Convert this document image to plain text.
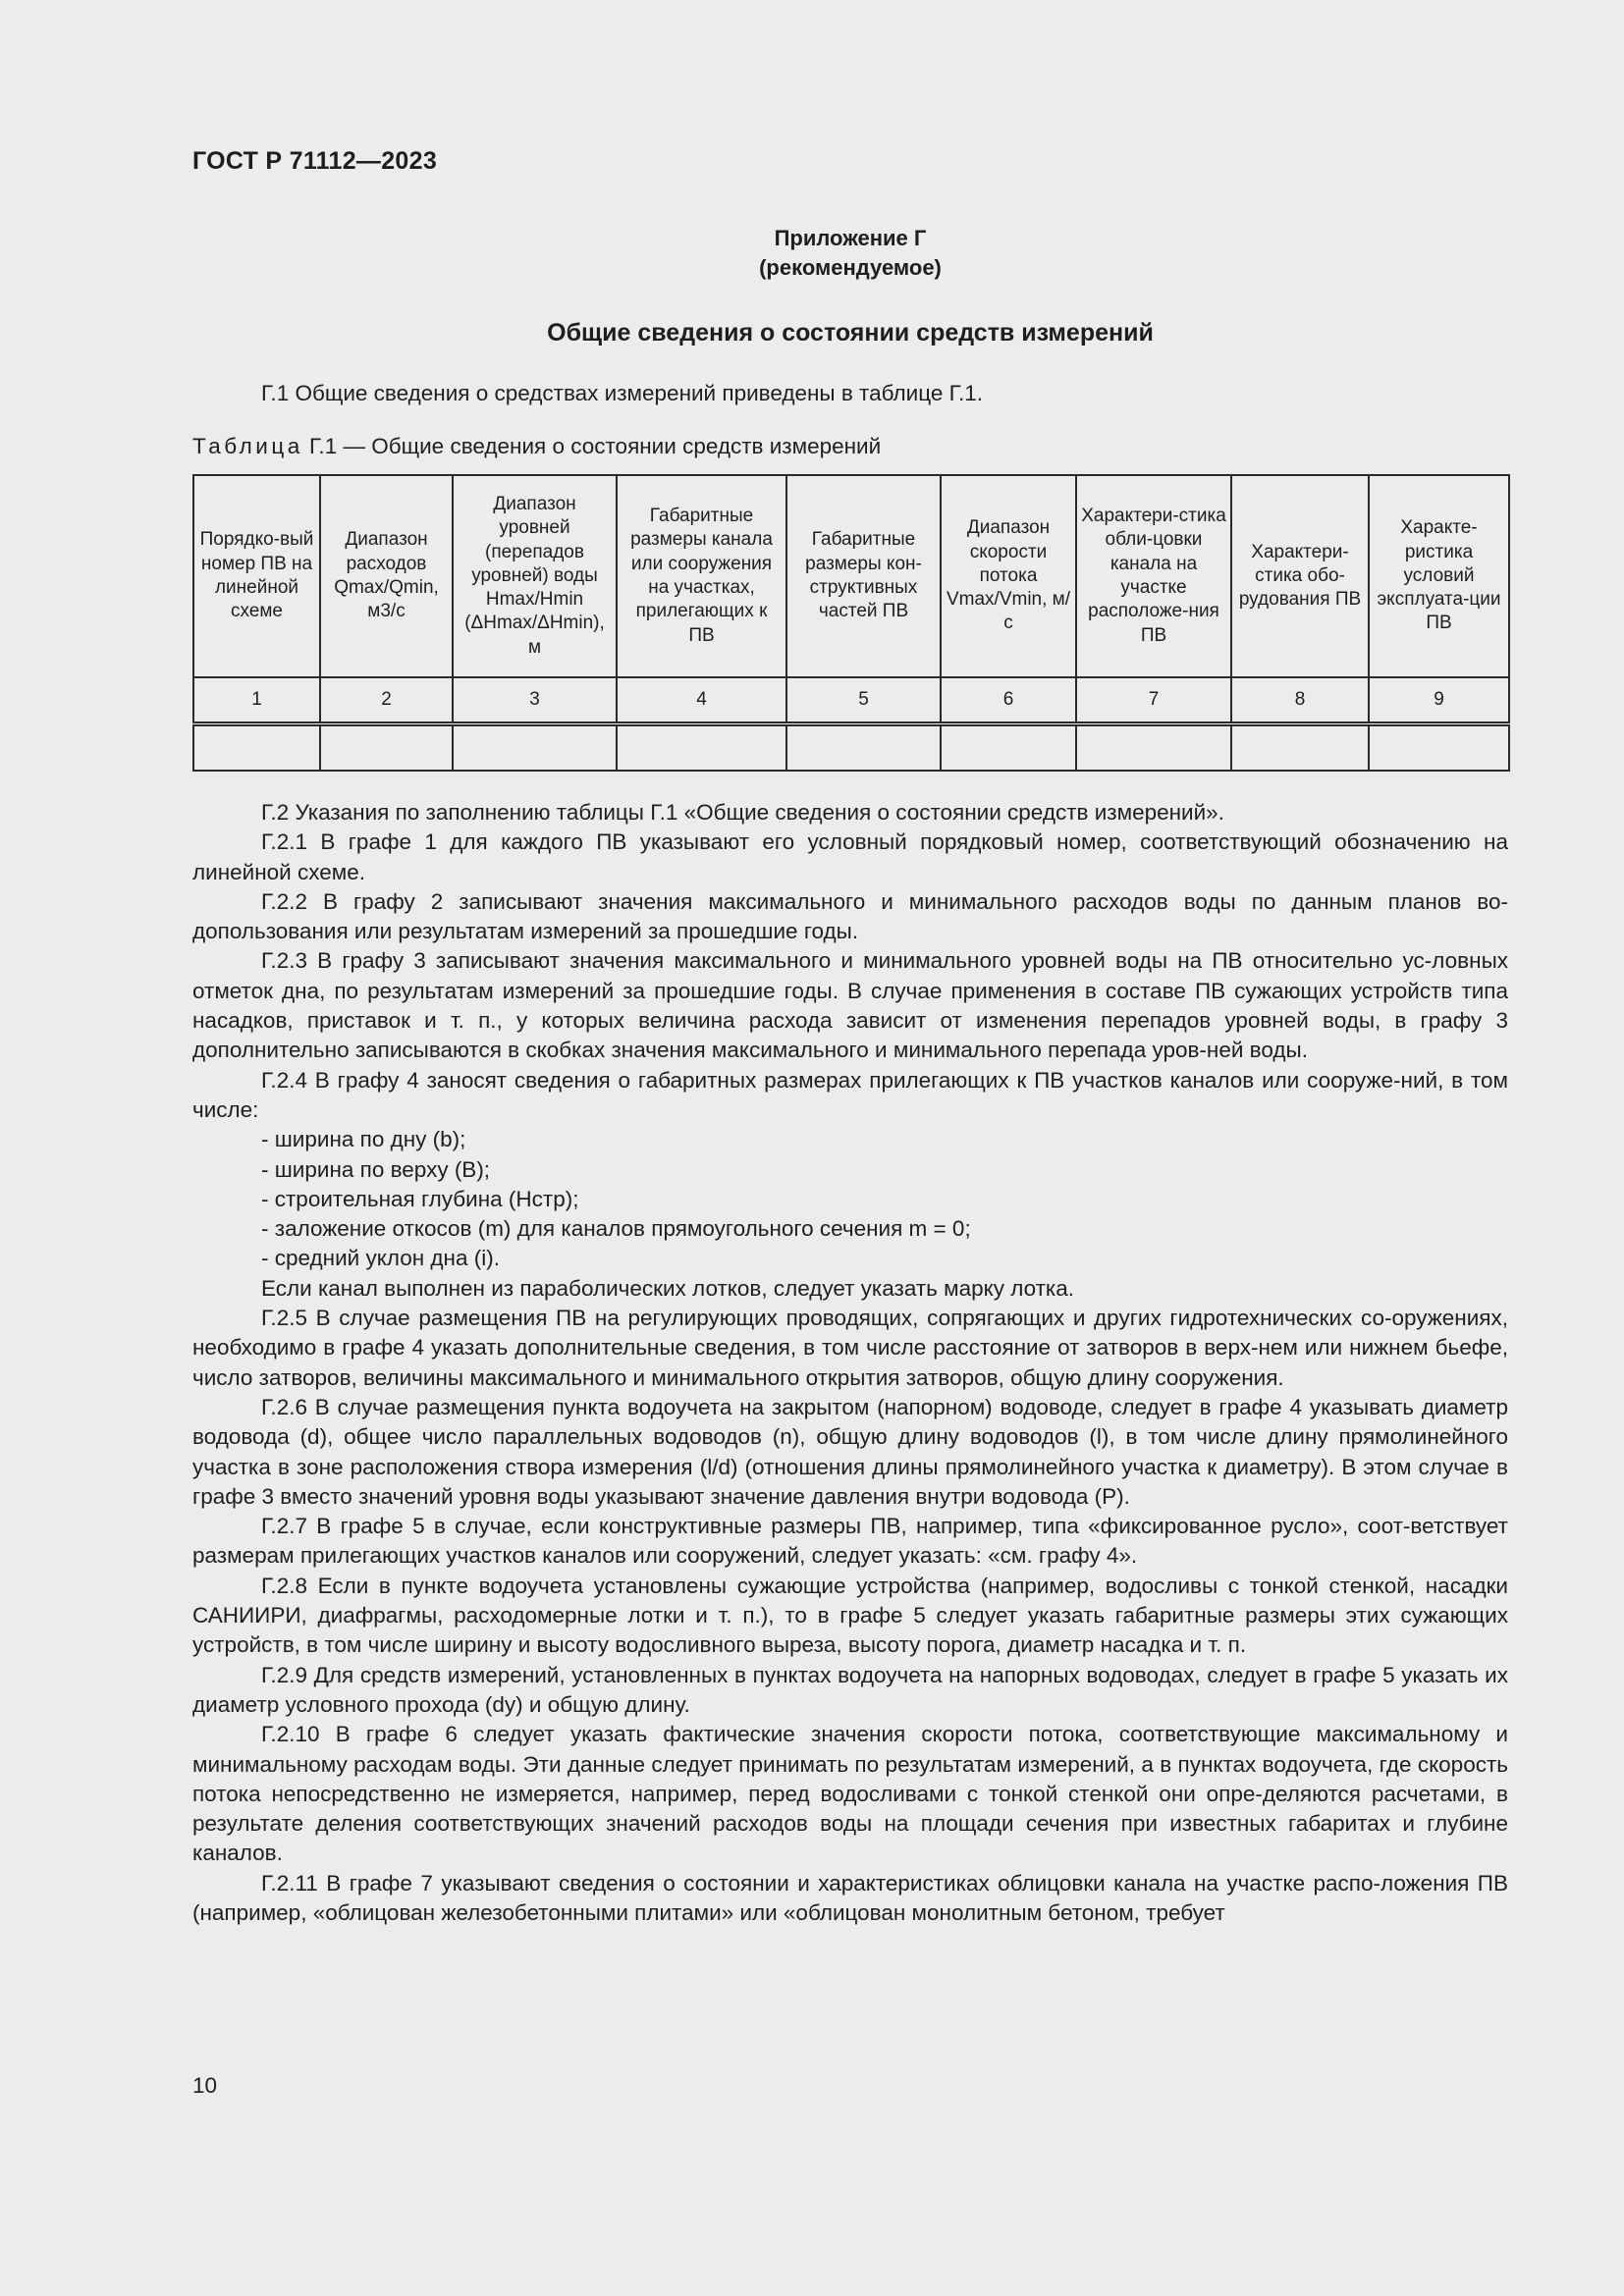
ГОСТ Р 71112—2023
Приложение Г
(рекомендуемое)
Общие сведения о состоянии средств измерений
Г.1 Общие сведения о средствах измерений приведены в таблице Г.1.
Таблица Г.1 — Общие сведения о состоянии средств измерений
Порядко-вый номер ПВ на линейной схеме	Диапазон расходов Qmax/Qmin, м3/с	Диапазон уровней (перепадов уровней) воды Hmax/Hmin (ΔHmax/ΔHmin), м	Габаритные размеры канала или сооружения на участках, прилегающих к ПВ	Габаритные размеры кон-структивных частей ПВ	Диапазон скорости потока Vmax/Vmin, м/с	Характери-стика обли-цовки канала на участке расположе-ния ПВ	Характери-стика обо-рудования ПВ	Характе-ристика условий эксплуата-ции ПВ
1	2	3	4	5	6	7	8	9

Г.2 Указания по заполнению таблицы Г.1 «Общие сведения о состоянии средств измерений».

Г.2.1 В графе 1 для каждого ПВ указывают его условный порядковый номер, соответствующий обозначению на линейной схеме.

Г.2.2 В графу 2 записывают значения максимального и минимального расходов воды по данным планов во-допользования или результатам измерений за прошедшие годы.

Г.2.3 В графу 3 записывают значения максимального и минимального уровней воды на ПВ относительно ус-ловных отметок дна, по результатам измерений за прошедшие годы. В случае применения в составе ПВ сужающих устройств типа насадков, приставок и т. п., у которых величина расхода зависит от изменения перепадов уровней воды, в графу 3 дополнительно записываются в скобках значения максимального и минимального перепада уров-ней воды.

Г.2.4 В графу 4 заносят сведения о габаритных размерах прилегающих к ПВ участков каналов или сооруже-ний, в том числе:

- ширина по дну (b);

- ширина по верху (B);

- строительная глубина (Hстр);

- заложение откосов (m) для каналов прямоугольного сечения m = 0;

- средний уклон дна (i).

Если канал выполнен из параболических лотков, следует указать марку лотка.

Г.2.5 В случае размещения ПВ на регулирующих проводящих, сопрягающих и других гидротехнических со-оружениях, необходимо в графе 4 указать дополнительные сведения, в том числе расстояние от затворов в верх-нем или нижнем бьефе, число затворов, величины максимального и минимального открытия затворов, общую длину сооружения.

Г.2.6 В случае размещения пункта водоучета на закрытом (напорном) водоводе, следует в графе 4 указывать диаметр водовода (d), общее число параллельных водоводов (n), общую длину водоводов (l), в том числе длину прямолинейного участка в зоне расположения створа измерения (l/d) (отношения длины прямолинейного участка к диаметру). В этом случае в графе 3 вместо значений уровня воды указывают значение давления внутри водовода (P).

Г.2.7 В графе 5 в случае, если конструктивные размеры ПВ, например, типа «фиксированное русло», соот-ветствует размерам прилегающих участков каналов или сооружений, следует указать: «см. графу 4».

Г.2.8 Если в пункте водоучета установлены сужающие устройства (например, водосливы с тонкой стенкой, насадки САНИИРИ, диафрагмы, расходомерные лотки и т. п.), то в графе 5 следует указать габаритные размеры этих сужающих устройств, в том числе ширину и высоту водосливного выреза, высоту порога, диаметр насадка и т. п.

Г.2.9 Для средств измерений, установленных в пунктах водоучета на напорных водоводах, следует в графе 5 указать их диаметр условного прохода (dу) и общую длину.

Г.2.10 В графе 6 следует указать фактические значения скорости потока, соответствующие максимальному и минимальному расходам воды. Эти данные следует принимать по результатам измерений, а в пунктах водоучета, где скорость потока непосредственно не измеряется, например, перед водосливами с тонкой стенкой они опре-деляются расчетами, в результате деления соответствующих значений расходов воды на площади сечения при известных габаритах и глубине каналов.

Г.2.11 В графе 7 указывают сведения о состоянии и характеристиках облицовки канала на участке распо-ложения ПВ (например, «облицован железобетонными плитами» или «облицован монолитным бетоном, требует

10
